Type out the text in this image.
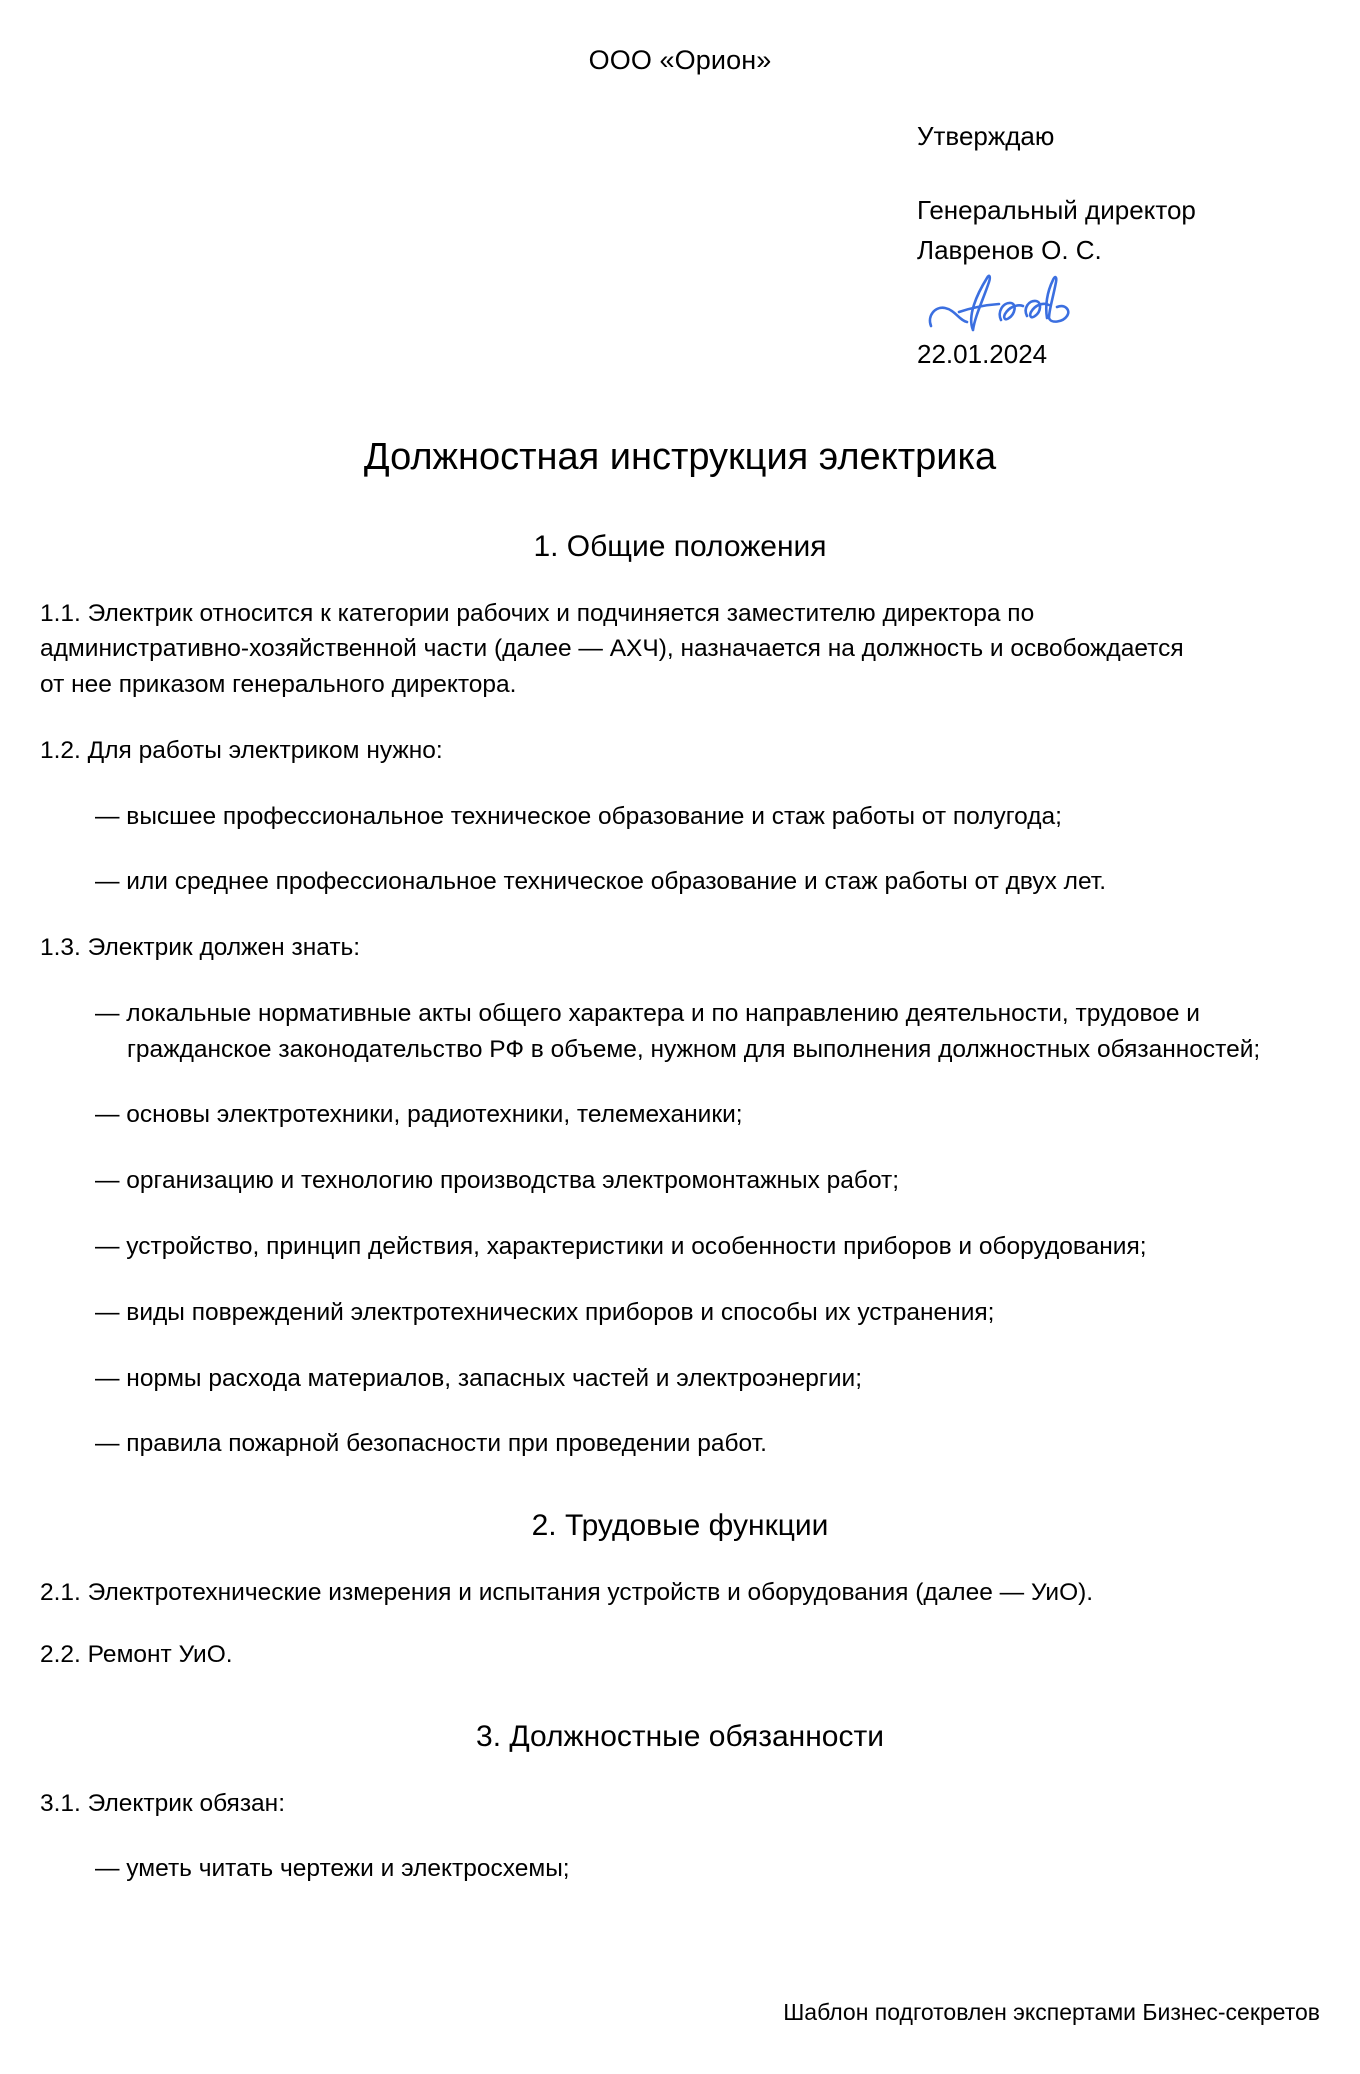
ООО «Орион»
Утверждаю
Генеральный директор
Лавренов О. С.
22.01.2024
Должностная инструкция электрика
1. Общие положения

1.1. Электрик относится к категории рабочих и подчиняется заместителю директора по административно-хозяйственной части (далее — АХЧ), назначается на должность и освобождается от нее приказом генерального директора.

1.2. Для работы электриком нужно:

— высшее профессиональное техническое образование и стаж работы от полугода;

— или среднее профессиональное техническое образование и стаж работы от двух лет.

1.3. Электрик должен знать:

— локальные нормативные акты общего характера и по направлению деятельности, трудовое и гражданское законодательство РФ в объеме, нужном для выполнения должностных обязанностей;

— основы электротехники, радиотехники, телемеханики;

— организацию и технологию производства электромонтажных работ;

— устройство, принцип действия, характеристики и особенности приборов и оборудования;

— виды повреждений электротехнических приборов и способы их устранения;

— нормы расхода материалов, запасных частей и электроэнергии;

— правила пожарной безопасности при проведении работ.

2. Трудовые функции

2.1. Электротехнические измерения и испытания устройств и оборудования (далее — УиО).

2.2. Ремонт УиО.

3. Должностные обязанности

3.1. Электрик обязан:

— уметь читать чертежи и электросхемы;

Шаблон подготовлен экспертами Бизнес-секретов
